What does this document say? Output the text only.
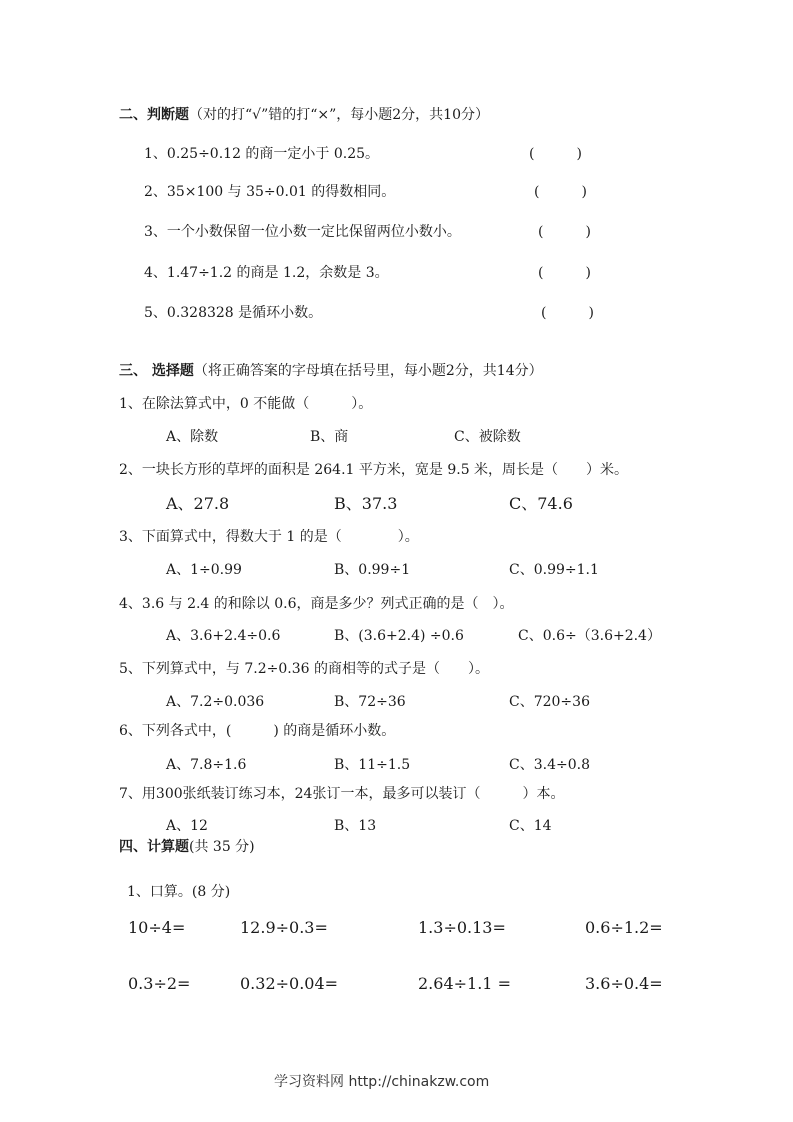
二、判断题（对的打“√”错的打“×”，每小题2分，共10分）
1、0.25÷0.12 的商一定小于 0.25。	(　　　)
2、35×100 与 35÷0.01 的得数相同。	(　　　)
3、一个小数保留一位小数一定比保留两位小数小。	(　　　)
4、1.47÷1.2 的商是 1.2，余数是 3。	(　　　)
5、0.328328 是循环小数。	(　　　)
三、 选择题（将正确答案的字母填在括号里，每小题2分，共14分）
1、在除法算式中，0 不能做（　　　）。
A、除数	B、商	C、被除数
2、一块长方形的草坪的面积是 264.1 平方米，宽是 9.5 米，周长是（　　）米。
A、27.8	B、37.3	C、74.6
3、下面算式中，得数大于 1 的是（　　　　）。
A、1÷0.99	B、0.99÷1	C、0.99÷1.1
4、3.6 与 2.4 的和除以 0.6，商是多少？列式正确的是（　）。
A、3.6+2.4÷0.6	B、(3.6+2.4) ÷0.6	C、0.6÷（3.6+2.4）
5、下列算式中，与 7.2÷0.36 的商相等的式子是（　　）。
A、7.2÷0.036	B、72÷36	C、720÷36
6、下列各式中，(　　　) 的商是循环小数。
A、7.8÷1.6	B、11÷1.5	C、3.4÷0.8
7、用300张纸装订练习本，24张订一本，最多可以装订（　　　）本。
A、12	B、13	C、14
四、计算题(共 35 分)
1、口算。(8 分)
10÷4=	12.9÷0.3=	1.3÷0.13=	0.6÷1.2=
0.3÷2=	0.32÷0.04=	2.64÷1.1 =	3.6÷0.4=
学习资料网 http://chinakzw.com
